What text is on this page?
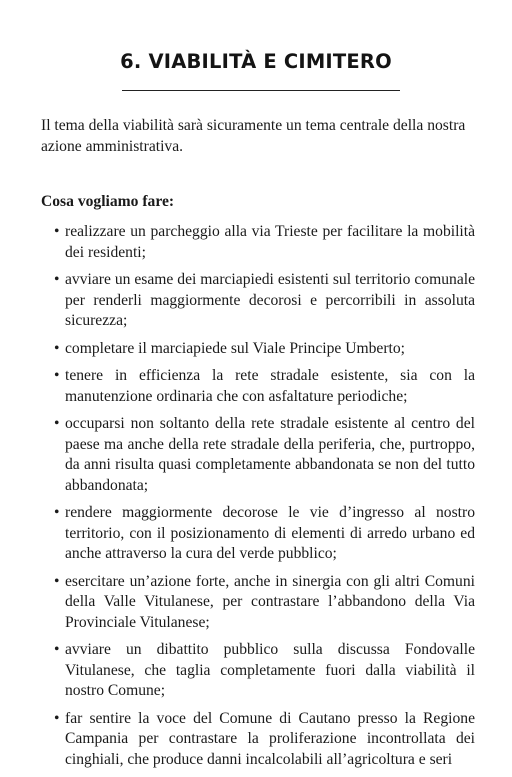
6. VIABILITÀ E CIMITERO

Il tema della viabilità sarà sicuramente un tema centrale della nostra azione amministrativa.

Cosa vogliamo fare:

• realizzare un parcheggio alla via Trieste per facilitare la mobilità dei residenti;
• avviare un esame dei marciapiedi esistenti sul territorio comunale per renderli maggiormente decorosi e percorribili in assoluta sicurezza;
• completare il marciapiede sul Viale Principe Umberto;
• tenere in efficienza la rete stradale esistente, sia con la manutenzione ordinaria che con asfaltature periodiche;
• occuparsi non soltanto della rete stradale esistente al centro del paese ma anche della rete stradale della periferia, che, purtroppo, da anni risulta quasi completamente abbandonata se non del tutto abbandonata;
• rendere maggiormente decorose le vie d’ingresso al nostro territorio, con il posizionamento di elementi di arredo urbano ed anche attraverso la cura del verde pubblico;
• esercitare un’azione forte, anche in sinergia con gli altri Comuni della Valle Vitulanese, per contrastare l’abbandono della Via Provinciale Vitulanese;
• avviare un dibattito pubblico sulla discussa Fondovalle Vitulanese, che taglia completamente fuori dalla viabilità il nostro Comune;
• far sentire la voce del Comune di Cautano presso la Regione Campania per contrastare la proliferazione incontrollata dei cinghiali, che produce danni incalcolabili all’agricoltura e seri
